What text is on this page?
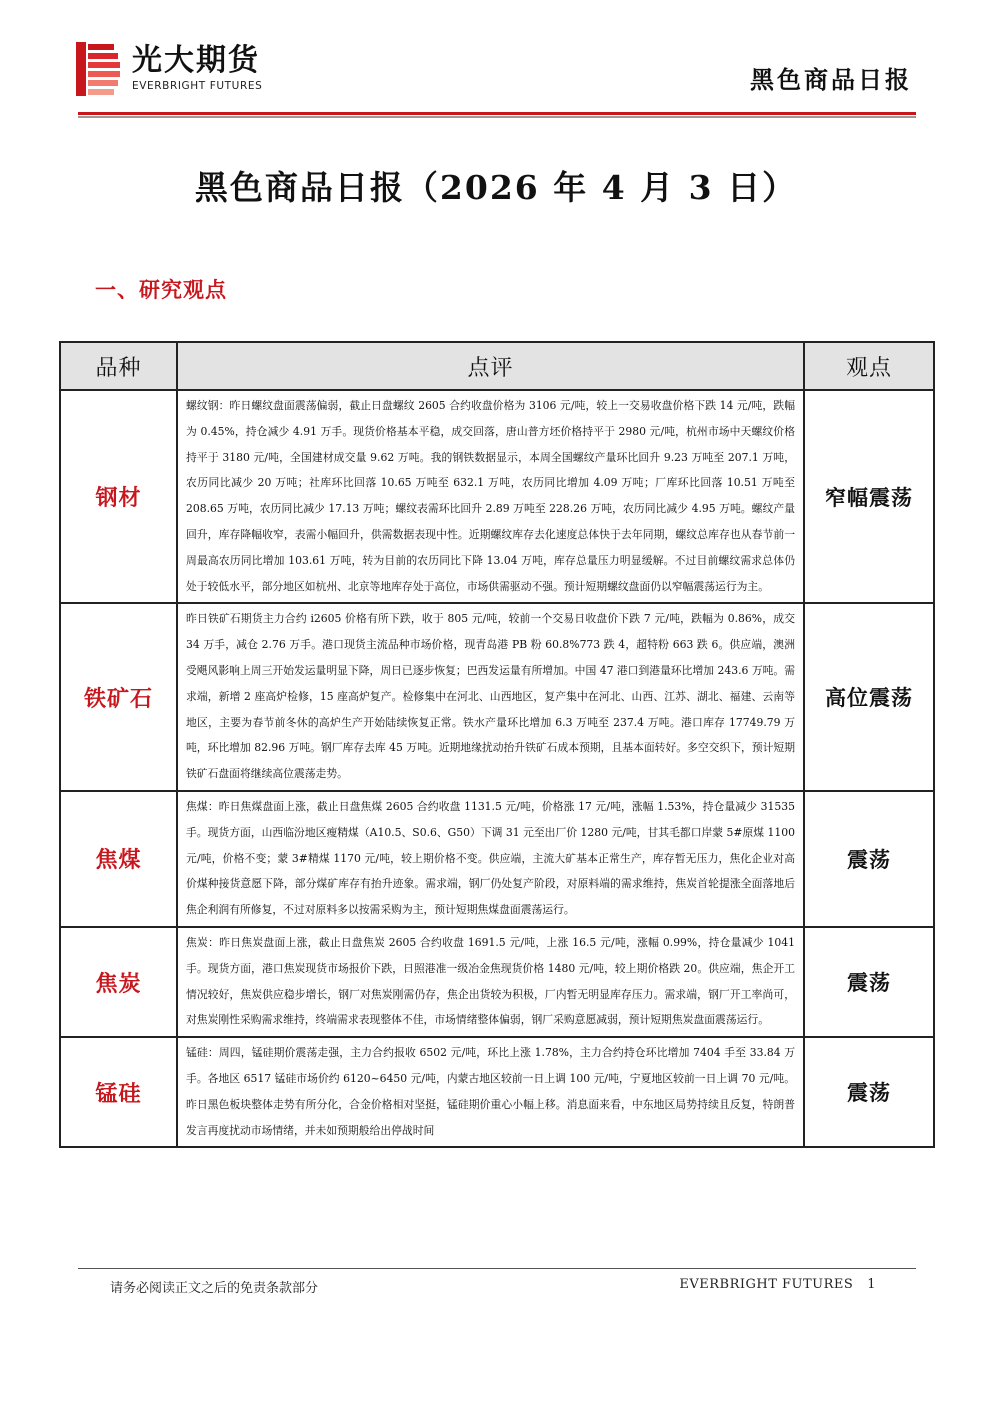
光大期货
EVERBRIGHT FUTURES	黑色商品日报
黑色商品日报（2026 年 4 月 3 日）
一、研究观点
品种	点评	观点
钢材	螺纹钢：昨日螺纹盘面震荡偏弱，截止日盘螺纹 2605 合约收盘价格为 3106 元/吨，较上一交易收盘价格下跌 14 元/吨，跌幅为 0.45%，持仓减少 4.91 万手。现货价格基本平稳，成交回落，唐山普方坯价格持平于 2980 元/吨，杭州市场中天螺纹价格持平于 3180 元/吨，全国建材成交量 9.62 万吨。我的钢铁数据显示，本周全国螺纹产量环比回升 9.23 万吨至 207.1 万吨，农历同比减少 20 万吨；社库环比回落 10.65 万吨至 632.1 万吨，农历同比增加 4.09 万吨；厂库环比回落 10.51 万吨至 208.65 万吨，农历同比减少 17.13 万吨；螺纹表需环比回升 2.89 万吨至 228.26 万吨，农历同比减少 4.95 万吨。螺纹产量回升，库存降幅收窄，表需小幅回升，供需数据表现中性。近期螺纹库存去化速度总体快于去年同期，螺纹总库存也从春节前一周最高农历同比增加 103.61 万吨，转为目前的农历同比下降 13.04 万吨，库存总量压力明显缓解。不过目前螺纹需求总体仍处于较低水平，部分地区如杭州、北京等地库存处于高位，市场供需驱动不强。预计短期螺纹盘面仍以窄幅震荡运行为主。	窄幅震荡
铁矿石	昨日铁矿石期货主力合约 i2605 价格有所下跌，收于 805 元/吨，较前一个交易日收盘价下跌 7 元/吨，跌幅为 0.86%，成交 34 万手，减仓 2.76 万手。港口现货主流品种市场价格，现青岛港 PB 粉 60.8%773 跌 4，超特粉 663 跌 6。供应端，澳洲受飓风影响上周三开始发运量明显下降，周日已逐步恢复；巴西发运量有所增加。中国 47 港口到港量环比增加 243.6 万吨。需求端，新增 2 座高炉检修，15 座高炉复产。检修集中在河北、山西地区，复产集中在河北、山西、江苏、湖北、福建、云南等地区，主要为春节前冬休的高炉生产开始陆续恢复正常。铁水产量环比增加 6.3 万吨至 237.4 万吨。港口库存 17749.79 万吨，环比增加 82.96 万吨。钢厂库存去库 45 万吨。近期地缘扰动抬升铁矿石成本预期，且基本面转好。多空交织下，预计短期铁矿石盘面将继续高位震荡走势。	高位震荡
焦煤	焦煤：昨日焦煤盘面上涨，截止日盘焦煤 2605 合约收盘 1131.5 元/吨，价格涨 17 元/吨，涨幅 1.53%，持仓量减少 31535 手。现货方面，山西临汾地区瘦精煤（A10.5、S0.6、G50）下调 31 元至出厂价 1280 元/吨，甘其毛都口岸蒙 5#原煤 1100 元/吨，价格不变；蒙 3#精煤 1170 元/吨，较上期价格不变。供应端，主流大矿基本正常生产，库存暂无压力，焦化企业对高价煤种接货意愿下降，部分煤矿库存有抬升迹象。需求端，钢厂仍处复产阶段，对原料端的需求维持，焦炭首轮提涨全面落地后焦企利润有所修复，不过对原料多以按需采购为主，预计短期焦煤盘面震荡运行。	震荡
焦炭	焦炭：昨日焦炭盘面上涨，截止日盘焦炭 2605 合约收盘 1691.5 元/吨，上涨 16.5 元/吨，涨幅 0.99%，持仓量减少 1041 手。现货方面，港口焦炭现货市场报价下跌，日照港准一级冶金焦现货价格 1480 元/吨，较上期价格跌 20。供应端，焦企开工情况较好，焦炭供应稳步增长，钢厂对焦炭刚需仍存，焦企出货较为积极，厂内暂无明显库存压力。需求端，钢厂开工率尚可，对焦炭刚性采购需求维持，终端需求表现整体不佳，市场情绪整体偏弱，钢厂采购意愿减弱，预计短期焦炭盘面震荡运行。	震荡
锰硅	锰硅：周四，锰硅期价震荡走强，主力合约报收 6502 元/吨，环比上涨 1.78%，主力合约持仓环比增加 7404 手至 33.84 万手。各地区 6517 锰硅市场价约 6120~6450 元/吨，内蒙古地区较前一日上调 100 元/吨，宁夏地区较前一日上调 70 元/吨。昨日黑色板块整体走势有所分化，合金价格相对坚挺，锰硅期价重心小幅上移。消息面来看，中东地区局势持续且反复，特朗普发言再度扰动市场情绪，并未如预期般给出停战时间	震荡
请务必阅读正文之后的免责条款部分	EVERBRIGHT FUTURES 1
